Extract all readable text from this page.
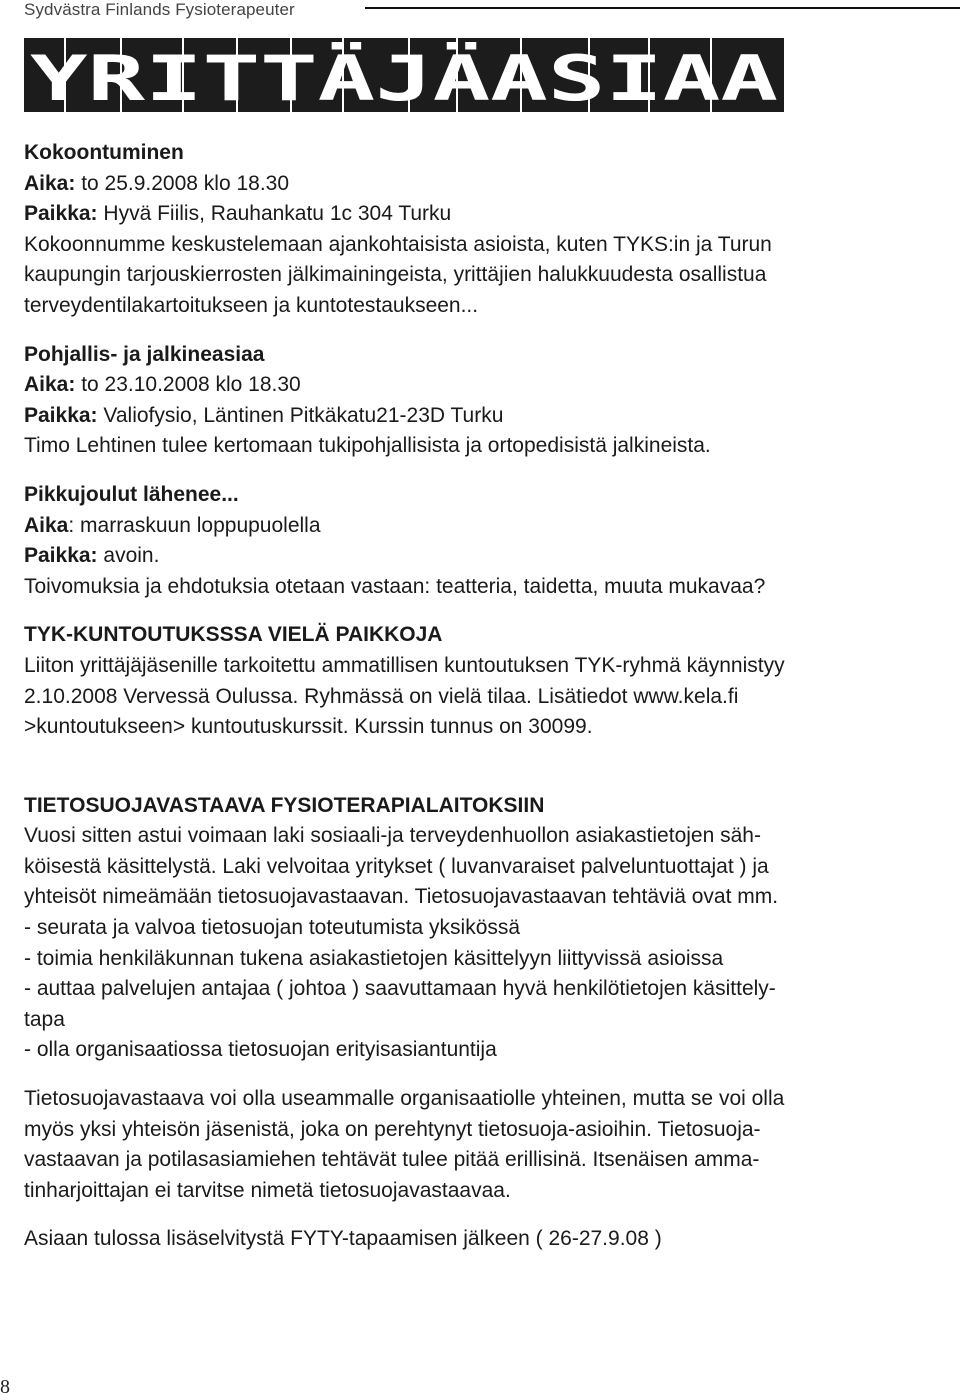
Sydvästra Finlands Fysioterapeuter
YRITTÄJÄASIAA
Kokoontuminen
Aika: to 25.9.2008 klo 18.30
Paikka: Hyvä Fiilis, Rauhankatu 1c 304 Turku
Kokoonnumme keskustelemaan ajankohtaisista asioista, kuten TYKS:in ja Turun
kaupungin tarjouskierrosten jälkimainingeista, yrittäjien halukkuudesta osallistua
terveydentilakartoitukseen ja kuntotestaukseen...
Pohjallis- ja jalkineasiaa
Aika: to 23.10.2008 klo 18.30
Paikka: Valiofysio, Läntinen Pitkäkatu21-23D Turku
Timo Lehtinen tulee kertomaan tukipohjallisista ja ortopedisistä jalkineista.
Pikkujoulut lähenee...
Aika: marraskuun loppupuolella
Paikka: avoin.
Toivomuksia ja ehdotuksia otetaan vastaan: teatteria, taidetta, muuta mukavaa?
TYK-KUNTOUTUKSSSA VIELÄ PAIKKOJA
Liiton yrittäjäjäsenille tarkoitettu ammatillisen kuntoutuksen TYK-ryhmä käynnistyy
2.10.2008 Vervessä Oulussa. Ryhmässä on vielä tilaa. Lisätiedot www.kela.fi
>kuntoutukseen> kuntoutuskurssit. Kurssin tunnus on 30099.
TIETOSUOJAVASTAAVA FYSIOTERAPIALAITOKSIIN
Vuosi sitten astui voimaan laki sosiaali-ja terveydenhuollon asiakastietojen säh-
köisestä käsittelystä. Laki velvoitaa yritykset ( luvanvaraiset palveluntuottajat ) ja
yhteisöt nimeämään tietosuojavastaavan. Tietosuojavastaavan tehtäviä ovat mm.
- seurata ja valvoa tietosuojan toteutumista yksikössä
- toimia henkiläkunnan tukena asiakastietojen käsittelyyn liittyvissä asioissa
- auttaa palvelujen antajaa ( johtoa ) saavuttamaan hyvä henkilötietojen käsittely-
tapa
- olla organisaatiossa tietosuojan erityisasiantuntija
Tietosuojavastaava voi olla useammalle organisaatiolle yhteinen, mutta se voi olla
myös yksi yhteisön jäsenistä, joka on perehtynyt tietosuoja-asioihin. Tietosuoja-
vastaavan ja potilasasiamiehen tehtävät tulee pitää erillisinä. Itsenäisen amma-
tinharjoittajan ei tarvitse nimetä tietosuojavastaavaa.
Asiaan tulossa lisäselvitystä FYTY-tapaamisen jälkeen ( 26-27.9.08 )
8
